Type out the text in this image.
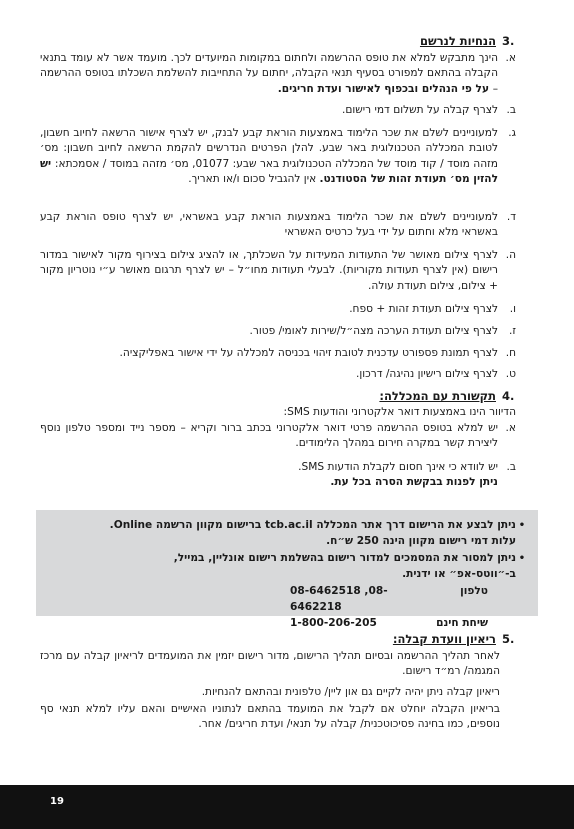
.3
הנחיות לנרשם
א.
הינך מתבקש למלא את טופס ההרשמה ולחתום במקומות המיועדים לכך. מועמד אשר לא עומד בתנאי הקבלה בהתאם למפורט בסעיף תנאי הקבלה, יחתום על התחייבות להשלמת השכלתו בטופס ההרשמה – על פי הנהלים ובכפוף לאישור ועדת חריגים.
ב.
לצרף קבלה על תשלום דמי רישום.
ג.
למעוניינים לשלם את שכר הלימוד באמצעות הוראת קבע לבנק, יש לצרף אישור הרשאה לחיוב חשבון, לטובת המכללה הטכנולוגית באר שבע. להלן הפרטים הנדרשים להקמת הרשאה לחיוב חשבון: מס׳ מזהה מוסד / קוד מוסד של המכללה הטכנולוגית באר שבע: 01077, מס׳ מזהה במוסד / אסמכתא: יש להזין מס׳ תעודת זהות של הסטודנט. אין להגביל סכום ו/או תאריך.
ד.
למעוניינים לשלם את שכר הלימוד באמצעות הוראת קבע באשראי, יש לצרף טופס הוראת קבע באשראי מלא וחתום על ידי בעל כרטיס האשראי
ה.
לצרף צילום מאושר של התעודות המעידות על השכלתך, או להציג צילום בצירוף מקור לאישור במדור רישום (אין לצרף תעודות מקוריות). לבעלי תעודות מחו״ל – יש לצרף תרגום מאושר ע״י נוטריון מקור + צילום, צילום תעודת עולה.
ו.
לצרף צילום תעודת זהות + ספח.
ז.
לצרף צילום תעודת הערכה מצה״ל/שירות לאומי/ פטור.
ח.
לצרף תמונת פספורט עדכנית לטובת זיהוי בכניסה למכללה על ידי אישור באפליקציה.
ט.
לצרף צילום רישיון נהיגה/ דרכון.
.4
תקשורת עם המכללה:
הדיוור הינו באמצעות דואר אלקטרוני והודעות SMS:
א.
יש למלא בטופס ההרשמה פרטי דואר אלקטרוני בכתב ברור וקריא – מספר נייד ומספר טלפון נוסף ליצירת קשר במקרה חירום במהלך הלימודים.
ב.
יש לוודא כי אינך חסום לקבלת הודעות SMS.
ניתן לפנות בבקשת הסרה בכל עת.
•
ניתן לבצע את הרישום דרך אתר המכללה tcb.ac.il ברישום מקוון הרשמה Online.
עלות דמי רישום מקוון הינה 250 ש״ח.
•
ניתן למסור את המסמכים למדור רישום בהשלמת רישום אונליין, במייל,
ב-״ווטס-אפ״ או ידנית.
טלפון
08-6462518 ,08-6462218
שיחת חינם
1-800-206-205
.5
ריאיון וועדת קבלה:
לאחר תהליך ההרשמה ובסיום תהליך הרישום, מדור רישום יזמין את המועמדים לריאיון קבלה עם מרכז המגמה/ רמ״ד רישום.
ריאיון קבלה ניתן יהיה לקיים גם און ליין/ טלפונית ובהתאם להנחיות.
בריאיון הקבלה יוחלט אם לקבל את המועמד בהתאם לנתוניו האישיים והאם עליו למלא תנאי סף נוספים, כמו בחינה פסיכוטכנית/ קבלה על תנאי/ ועדת חריגים/ אחר.
19
